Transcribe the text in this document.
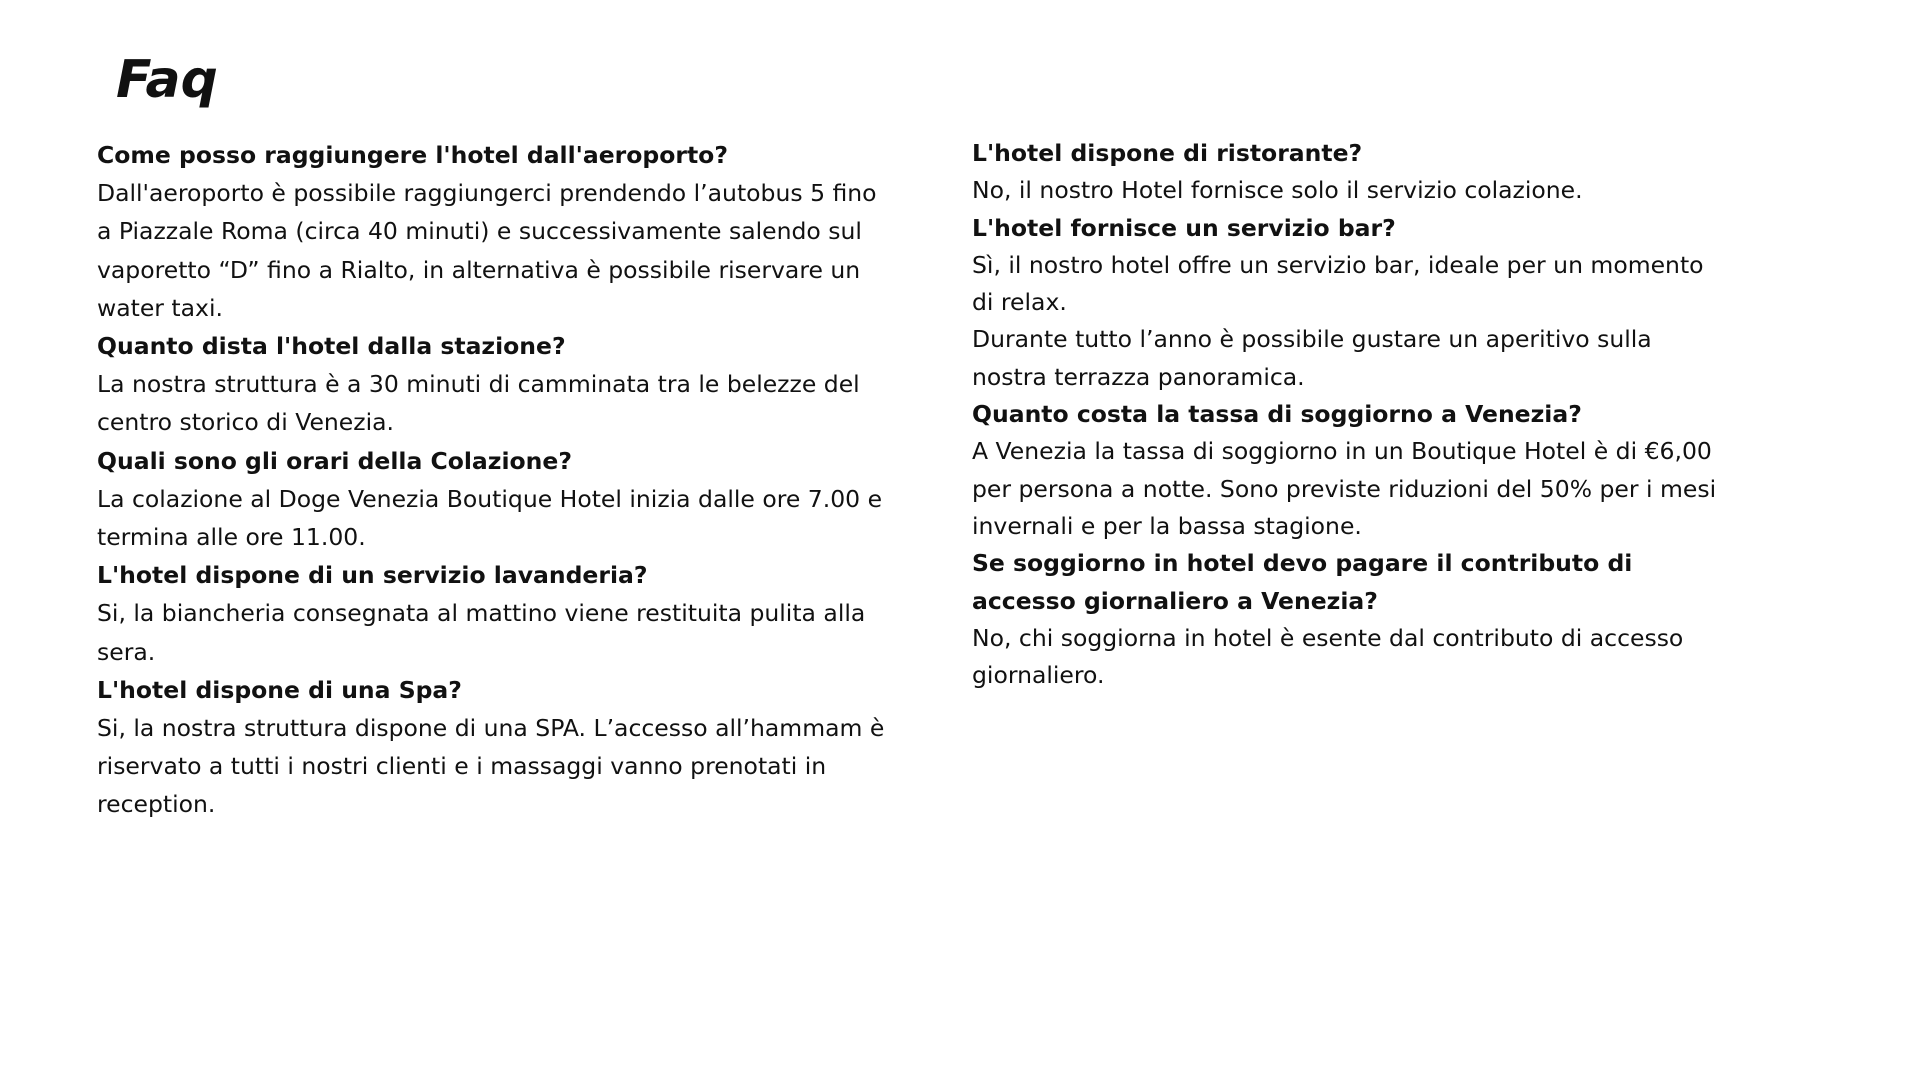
Faq

Come posso raggiungere l'hotel dall'aeroporto?

Dall'aeroporto è possibile raggiungerci prendendo l’autobus 5 fino a Piazzale Roma (circa 40 minuti) e successivamente salendo sul vaporetto “D” fino a Rialto, in alternativa è possibile riservare un water taxi.

Quanto dista l'hotel dalla stazione?

La nostra struttura è a 30 minuti di camminata tra le belezze del centro storico di Venezia.

Quali sono gli orari della Colazione?

La colazione al Doge Venezia Boutique Hotel inizia dalle ore 7.00 e termina alle ore 11.00.

L'hotel dispone di un servizio lavanderia?

Si, la biancheria consegnata al mattino viene restituita pulita alla sera.

L'hotel dispone di una Spa?

Si, la nostra struttura dispone di una SPA. L’accesso all’hammam è riservato a tutti i nostri clienti e i massaggi vanno prenotati in reception.

L'hotel dispone di ristorante?

No, il nostro Hotel fornisce solo il servizio colazione.

L'hotel fornisce un servizio bar?

Sì, il nostro hotel offre un servizio bar, ideale per un momento di relax.

Durante tutto l’anno è possibile gustare un aperitivo sulla nostra terrazza panoramica.

Quanto costa la tassa di soggiorno a Venezia?

A Venezia la tassa di soggiorno in un Boutique Hotel è di €6,00 per persona a notte. Sono previste riduzioni del 50% per i mesi invernali e per la bassa stagione.

Se soggiorno in hotel devo pagare il contributo di accesso giornaliero a Venezia?

No, chi soggiorna in hotel è esente dal contributo di accesso giornaliero.
